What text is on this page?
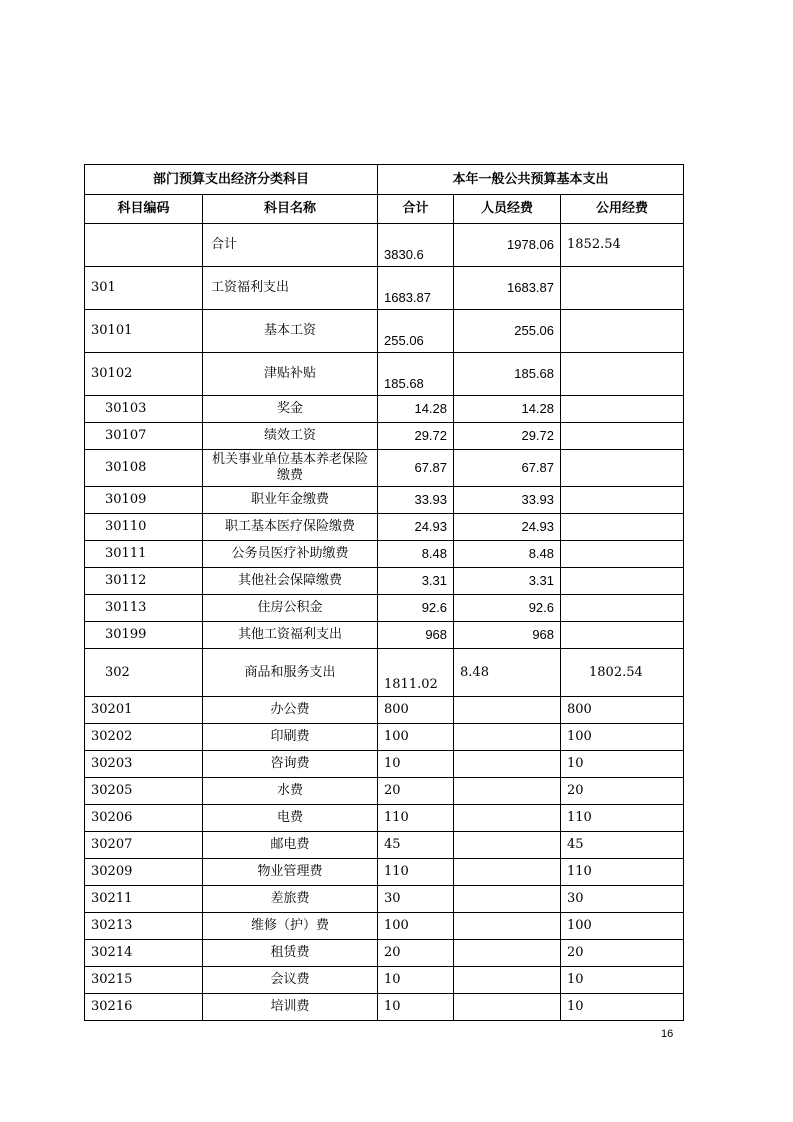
部门预算支出经济分类科目		本年一般公共预算基本支出		
科目编码	科目名称	合计	人员经费	公用经费
	合计	3830.6	1978.06	1852.54
301	工资福利支出	1683.87	1683.87	
30101	基本工资	255.06	255.06	
30102	津贴补贴	185.68	185.68	
30103	奖金	14.28	14.28	
30107	绩效工资	29.72	29.72	
30108	机关事业单位基本养老保险缴费	67.87	67.87	
30109	职业年金缴费	33.93	33.93	
30110	职工基本医疗保险缴费	24.93	24.93	
30111	公务员医疗补助缴费	8.48	8.48	
30112	其他社会保障缴费	3.31	3.31	
30113	住房公积金	92.6	92.6	
30199	其他工资福利支出	968	968	
302	商品和服务支出	1811.02	8.48	1802.54
30201	办公费	800		800
30202	印刷费	100		100
30203	咨询费	10		10
30205	水费	20		20
30206	电费	110		110
30207	邮电费	45		45
30209	物业管理费	110		110
30211	差旅费	30		30
30213	维修（护）费	100		100
30214	租赁费	20		20
30215	会议费	10		10
30216	培训费	10		10
16
